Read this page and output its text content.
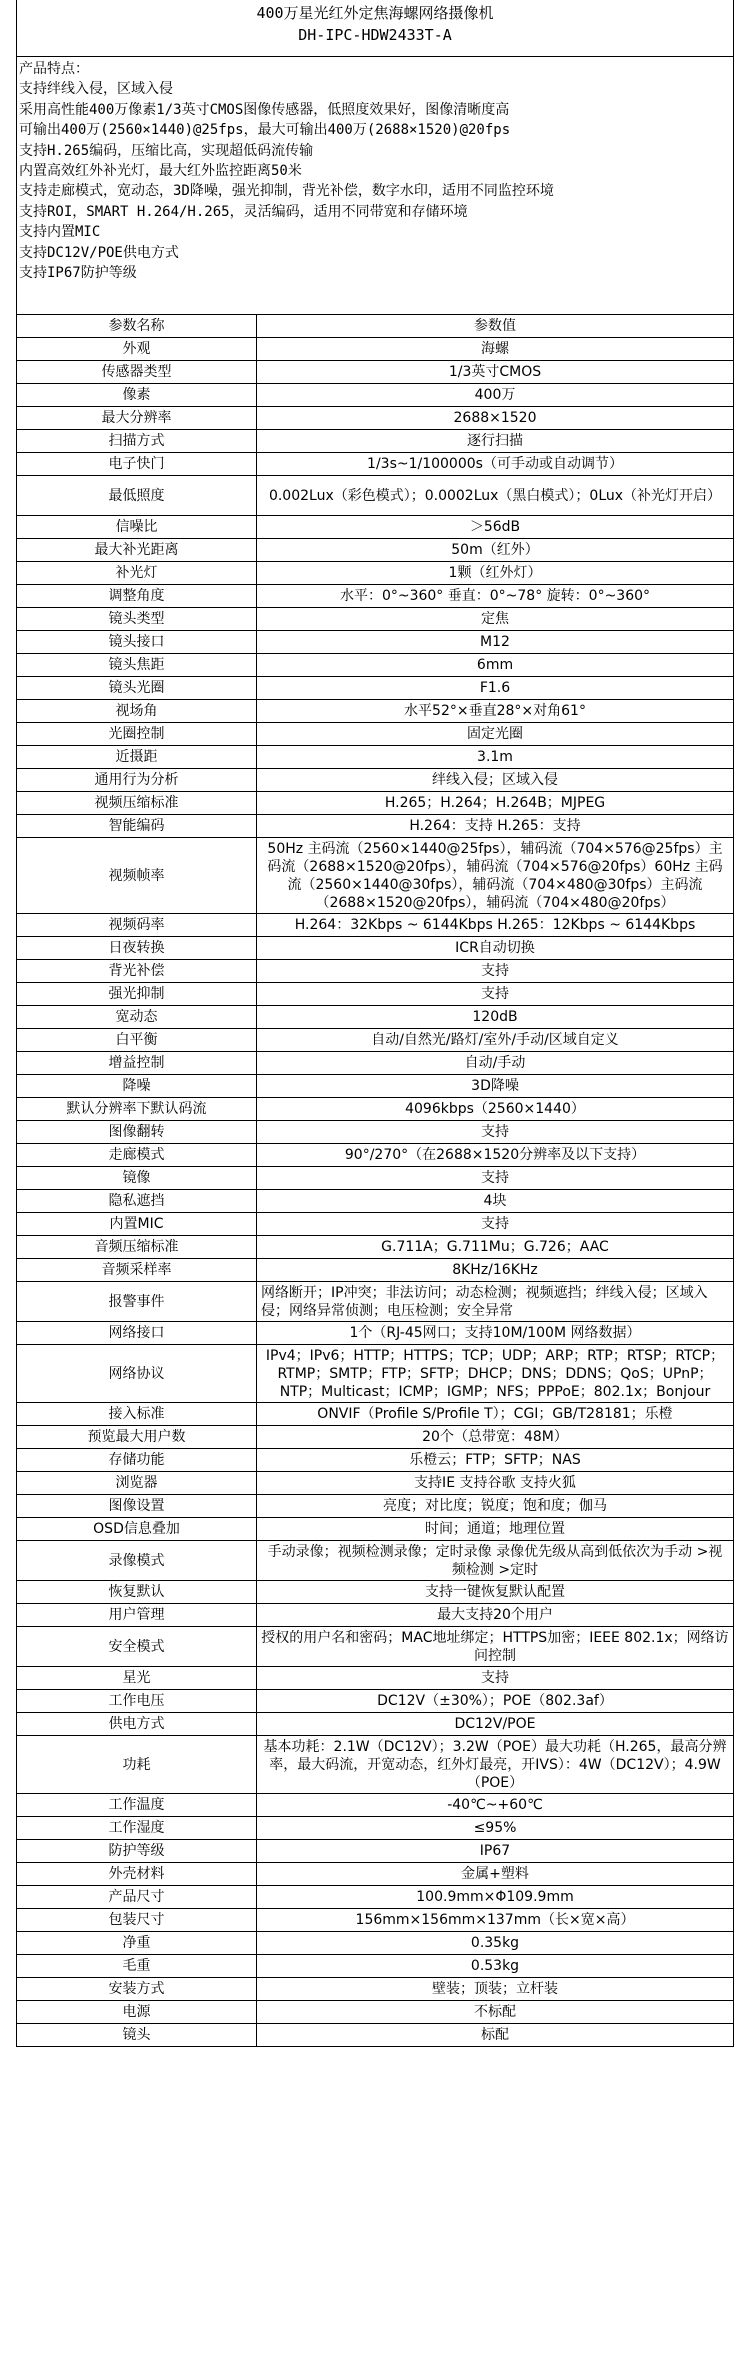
400万星光红外定焦海螺网络摄像机
DH-IPC-HDW2433T-A
产品特点：
支持绊线入侵，区域入侵
采用高性能400万像素1/3英寸CMOS图像传感器，低照度效果好，图像清晰度高
可输出400万(2560×1440)@25fps，最大可输出400万(2688×1520)@20fps
支持H.265编码，压缩比高，实现超低码流传输
内置高效红外补光灯，最大红外监控距离50米
支持走廊模式，宽动态，3D降噪，强光抑制，背光补偿，数字水印，适用不同监控环境
支持ROI，SMART H.264/H.265，灵活编码，适用不同带宽和存储环境
支持内置MIC
支持DC12V/POE供电方式
支持IP67防护等级
参数名称	参数值
外观	海螺
传感器类型	1/3英寸CMOS
像素	400万
最大分辨率	2688×1520
扫描方式	逐行扫描
电子快门	1/3s~1/100000s（可手动或自动调节）
最低照度	0.002Lux（彩色模式）；0.0002Lux（黑白模式）；0Lux（补光灯开启）
信噪比	＞56dB
最大补光距离	50m（红外）
补光灯	1颗（红外灯）
调整角度	水平：0°~360° 垂直：0°~78° 旋转：0°~360°
镜头类型	定焦
镜头接口	M12
镜头焦距	6mm
镜头光圈	F1.6
视场角	水平52°×垂直28°×对角61°
光圈控制	固定光圈
近摄距	3.1m
通用行为分析	绊线入侵；区域入侵
视频压缩标准	H.265；H.264；H.264B；MJPEG
智能编码	H.264：支持 H.265：支持
视频帧率	50Hz 主码流（2560×1440@25fps），辅码流（704×576@25fps）主码流（2688×1520@20fps），辅码流（704×576@20fps）60Hz 主码流（2560×1440@30fps），辅码流（704×480@30fps）主码流（2688×1520@20fps），辅码流（704×480@20fps）
视频码率	H.264：32Kbps ~ 6144Kbps H.265：12Kbps ~ 6144Kbps
日夜转换	ICR自动切换
背光补偿	支持
强光抑制	支持
宽动态	120dB
白平衡	自动/自然光/路灯/室外/手动/区域自定义
增益控制	自动/手动
降噪	3D降噪
默认分辨率下默认码流	4096kbps（2560×1440）
图像翻转	支持
走廊模式	90°/270°（在2688×1520分辨率及以下支持）
镜像	支持
隐私遮挡	4块
内置MIC	支持
音频压缩标准	G.711A；G.711Mu；G.726；AAC
音频采样率	8KHz/16KHz
报警事件	网络断开；IP冲突；非法访问；动态检测；视频遮挡；绊线入侵；区域入侵；网络异常侦测；电压检测；安全异常
网络接口	1个（RJ-45网口；支持10M/100M 网络数据）
网络协议	IPv4；IPv6；HTTP；HTTPS；TCP；UDP；ARP；RTP；RTSP；RTCP；RTMP；SMTP；FTP；SFTP；DHCP；DNS；DDNS；QoS；UPnP；NTP；Multicast；ICMP；IGMP；NFS；PPPoE；802.1x；Bonjour
接入标准	ONVIF（Profile S/Profile T）；CGI；GB/T28181；乐橙
预览最大用户数	20个（总带宽：48M）
存储功能	乐橙云；FTP；SFTP；NAS
浏览器	支持IE 支持谷歌 支持火狐
图像设置	亮度；对比度；锐度；饱和度；伽马
OSD信息叠加	时间；通道；地理位置
录像模式	手动录像；视频检测录像；定时录像 录像优先级从高到低依次为手动 >视频检测 >定时
恢复默认	支持一键恢复默认配置
用户管理	最大支持20个用户
安全模式	授权的用户名和密码；MAC地址绑定；HTTPS加密；IEEE 802.1x；网络访问控制
星光	支持
工作电压	DC12V（±30%）；POE（802.3af）
供电方式	DC12V/POE
功耗	基本功耗：2.1W（DC12V）；3.2W（POE）最大功耗（H.265，最高分辨率，最大码流，开宽动态，红外灯最亮，开IVS）：4W（DC12V）；4.9W（POE）
工作温度	-40℃~+60℃
工作湿度	≤95%
防护等级	IP67
外壳材料	金属+塑料
产品尺寸	100.9mm×Φ109.9mm
包装尺寸	156mm×156mm×137mm（长×宽×高）
净重	0.35kg
毛重	0.53kg
安装方式	壁装；顶装；立杆装
电源	不标配
镜头	标配
